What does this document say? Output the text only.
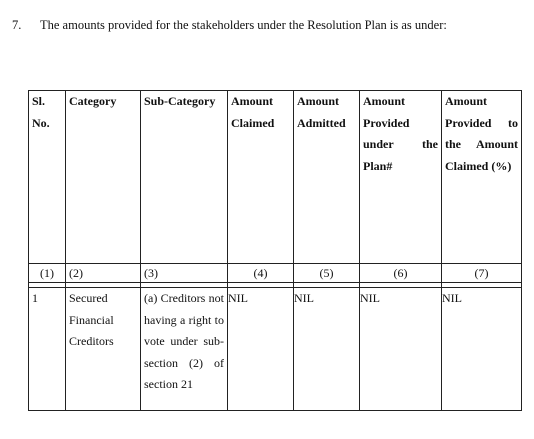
7. The amounts provided for the stakeholders under the Resolution Plan is as under:
Sl. No.	Category	Sub-Category	Amount Claimed	Amount Admitted	Amount Provided under the Plan#	Amount Provided to the Amount Claimed (%)
(1)	(2)	(3)	(4)	(5)	(6)	(7)

1	Secured Financial Creditors	(a) Creditors not having a right to vote under sub-section (2) of section 21	NIL	NIL	NIL	NIL
